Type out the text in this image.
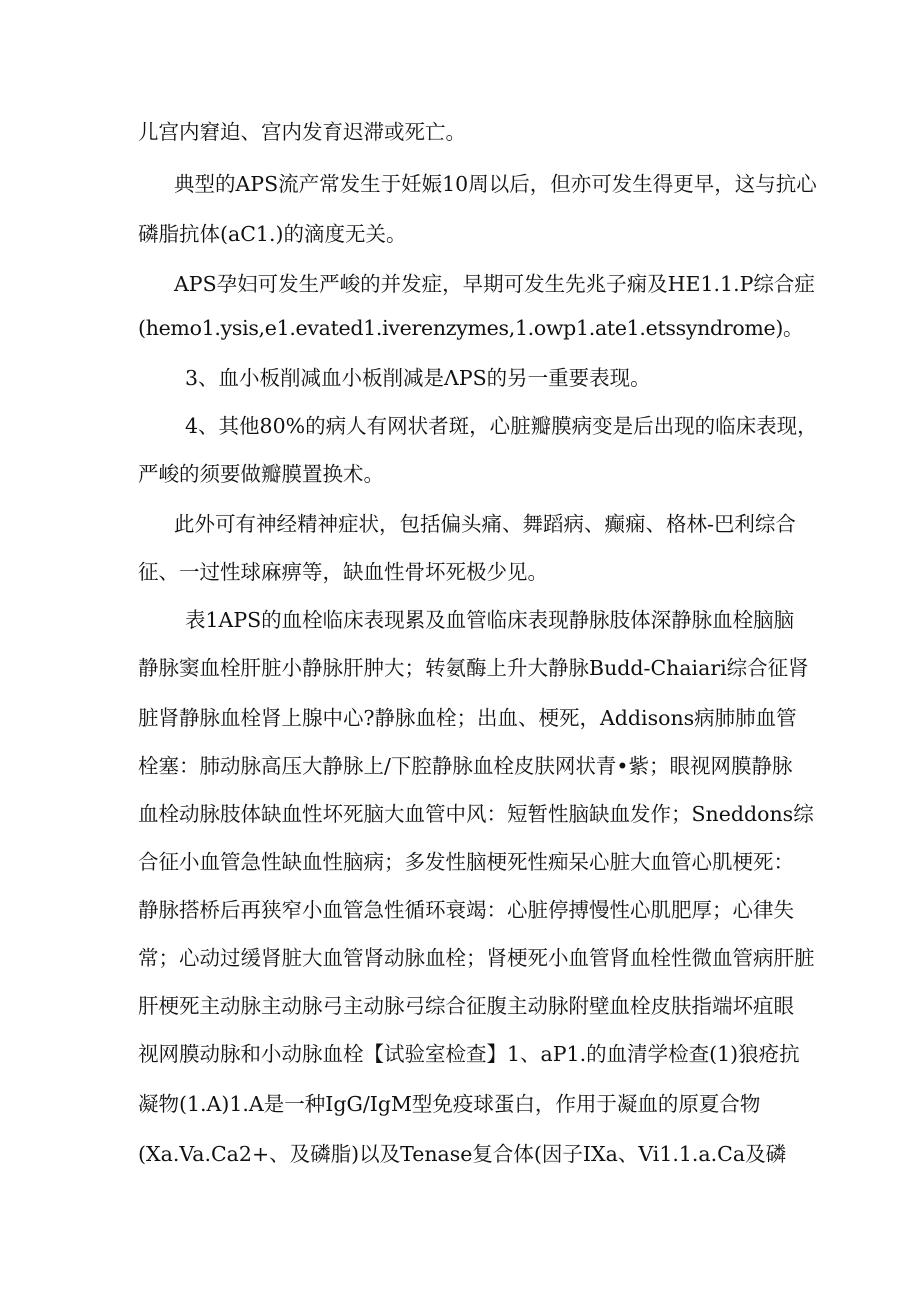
儿宫内窘迫、宫内发育迟滞或死亡。

典型的APS流产常发生于妊娠10周以后，但亦可发生得更早，这与抗心

磷脂抗体(aC1.)的滴度无关。

APS孕妇可发生严峻的并发症，早期可发生先兆子痫及HE1.1.P综合症

(hemo1.ysis,e1.evated1.iverenzymes,1.owp1.ate1.etssyndrome)。

3、血小板削减血小板削减是ΛPS的另一重要表现。

4、其他80%的病人有网状者斑，心脏瓣膜病变是后出现的临床表现，

严峻的须要做瓣膜置换术。

此外可有神经精神症状，包括偏头痛、舞蹈病、癫痫、格林-巴利综合

征、一过性球麻痹等，缺血性骨坏死极少见。

表1APS的血栓临床表现累及血管临床表现静脉肢体深静脉血栓脑脑

静脉窦血栓肝脏小静脉肝肿大；转氨酶上升大静脉Budd-Chaiari综合征肾

脏肾静脉血栓肾上腺中心?静脉血栓；出血、梗死，Addisons病肺肺血管

栓塞：肺动脉高压大静脉上/下腔静脉血栓皮肤网状青•紫；眼视网膜静脉

血栓动脉肢体缺血性坏死脑大血管中风：短暂性脑缺血发作；Sneddons综

合征小血管急性缺血性脑病；多发性脑梗死性痴呆心脏大血管心肌梗死：

静脉搭桥后再狭窄小血管急性循环衰竭：心脏停搏慢性心肌肥厚；心律失

常；心动过缓肾脏大血管肾动脉血栓；肾梗死小血管肾血栓性微血管病肝脏

肝梗死主动脉主动脉弓主动脉弓综合征腹主动脉附壁血栓皮肤指端坏疽眼

视网膜动脉和小动脉血栓【试验室检查】1、aP1.的血清学检查(1)狼疮抗

凝物(1.A)1.A是一种IgG/IgM型免疫球蛋白，作用于凝血的原夏合物

(Xa.Va.Ca2+、及磷脂)以及Tenase复合体(因子IXa、Vi1.1.a.Ca及磷
